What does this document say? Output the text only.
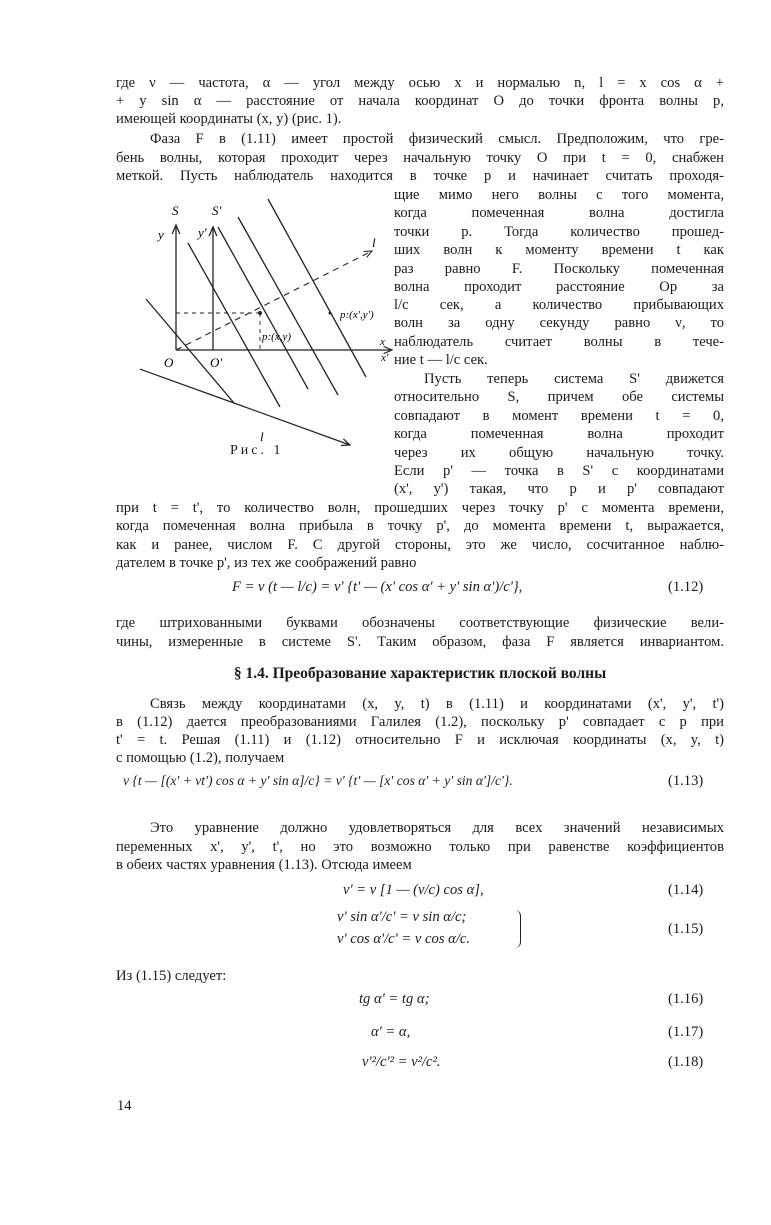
где ν — частота, α — угол между осью x и нормалью n, l = x cos α +
+ y sin α — расстояние от начала координат O до точки фронта волны p,
имеющей координаты (x, y) (рис. 1).
Фаза F в (1.11) имеет простой физический смысл. Предположим, что гре-
бень волны, которая проходит через начальную точку O при t = 0, снабжен
меткой. Пусть наблюдатель находится в точке p и начинает считать проходя-
щие мимо него волны с того момента,
когда помеченная волна достигла
точки p. Тогда количество прошед-
ших волн к моменту времени t как
раз равно F. Поскольку помеченная
волна проходит расстояние Op за
l/c сек, а количество прибывающих
волн за одну секунду равно ν, то
наблюдатель считает волны в тече-
ние t — l/c сек.
Пусть теперь система S' движется
относительно S, причем обе системы
совпадают в момент времени t = 0,
когда помеченная волна проходит
через их общую начальную точку.
Если p' — точка в S' с координатами
(x', y') такая, что p и p' совпадают
S	S'
y	y'
O	O'
x
x'
l
l
p:(x,y)
p:(x',y')
Рис. 1
при t = t', то количество волн, прошедших через точку p' с момента времени,
когда помеченная волна прибыла в точку p', до момента времени t, выражается,
как и ранее, числом F. С другой стороны, это же число, сосчитанное наблю-
дателем в точке p', из тех же соображений равно
F = ν (t — l/c) = ν' {t' — (x' cos α' + y' sin α')/c'},	(1.12)
где штрихованными буквами обозначены соответствующие физические вели-
чины, измеренные в системе S'. Таким образом, фаза F является инвариантом.
§ 1.4. Преобразование характеристик плоской волны
Связь между координатами (x, y, t) в (1.11) и координатами (x', y', t')
в (1.12) дается преобразованиями Галилея (1.2), поскольку p' совпадает с p при
t' = t. Решая (1.11) и (1.12) относительно F и исключая координаты (x, y, t)
с помощью (1.2), получаем
ν {t — [(x' + vt') cos α + y' sin α]/c} = ν' {t' — [x' cos α' + y' sin α']/c'}.	(1.13)
Это уравнение должно удовлетворяться для всех значений независимых
переменных x', y', t', но это возможно только при равенстве коэффициентов
в обеих частях уравнения (1.13). Отсюда имеем
ν' = ν [1 — (v/c) cos α],	(1.14)
ν' sin α'/c' = ν sin α/c;
ν' cos α'/c' = ν cos α/c.
(1.15)
Из (1.15) следует:
tg α' = tg α;	(1.16)
α' = α,	(1.17)
ν'²/c'² = ν²/c².	(1.18)
14
